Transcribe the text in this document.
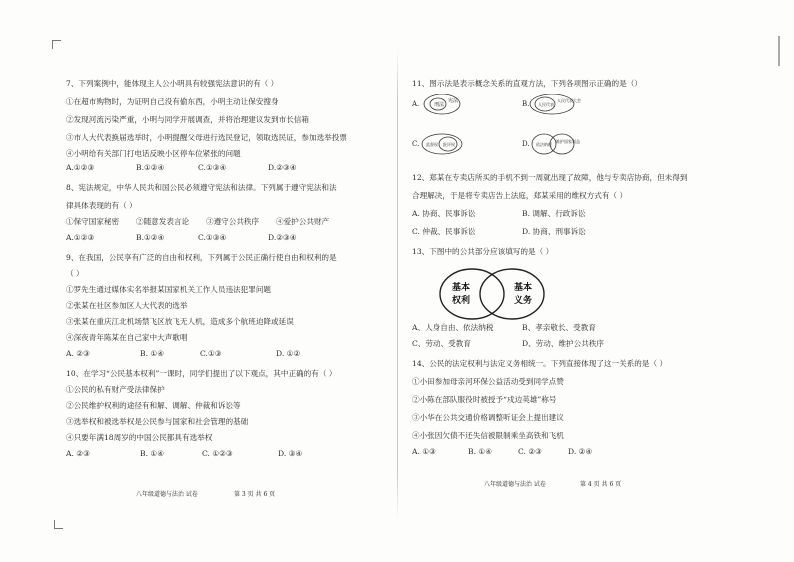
7、下列案例中，能体现主人公小明具有较强宪法意识的有（ ）
①在超市购物时，为证明自己没有偷东西，小明主动让保安搜身
②发现河流污染严重，小明与同学开展调查，并将治理建议发到市长信箱
③市人大代表换届选举时，小明提醒父母进行选民登记，领取选民证，参加选举投票
④小明给有关部门打电话反映小区停车位紧张的问题
A.①②③	B.①②④	C.①③④	D.②③④
8、宪法规定，中华人民共和国公民必须遵守宪法和法律。下列属于遵守宪法和法
律具体表现的有（ ）
①保守国家秘密	②随意发表言论	③遵守公共秩序	④爱护公共财产
A.①②③	B.①②④	C.①③④	D.②③④
9、在我国，公民享有广泛的自由和权利，下列属于公民正确行使自由和权利的是
（ ）
①罗先生通过媒体实名举报某国家机关工作人员违法犯罪问题
②张某在社区参加区人大代表的选举
③张某在重庆江北机场禁飞区放飞无人机，造成多个航班迫降或延误
④深夜青年陈某在自己家中大声歌唱
A. ②③	B. ①④	C.①③	D. ①②
10、在学习“公民基本权利”一课时，同学们提出了以下观点，其中正确的有（ ）
①公民的私有财产受法律保护
②公民维护权利的途径有和解、调解、仲裁和诉讼等
③选举权和被选举权是公民参与国家和社会管理的基础
④只要年满18周岁的中国公民都具有选举权
A. ②③	B. ①④	C. ①②③	D. ③④
八年级道德与法治 试卷	第 3 页 共 6 页
11、图示法是表示概念关系的直观方法，下列各项图示正确的是（）
A.	刑法
宪法	B. 人民代表
人民代表大会
C. 监督权 批评权	D. 依法纳税
维护国家利益
12、郑某在专卖店所买的手机不到一周就出现了故障，他与专卖店协商，但未得到
合理解决，于是将专卖店告上法庭，郑某采用的维权方式有（ ）
A. 协商、民事诉讼	B. 调解、行政诉讼
C. 仲裁、民事诉讼	D. 协商、刑事诉讼
13、下图中的公共部分应该填写的是（ ）
基本
权利
基本
义务
A、人身自由、依法纳税	B、孝亲敬长、受教育
C、劳动、受教育	D、劳动、维护公共秩序
14、公民的法定权利与法定义务相统一。下列直接体现了这一关系的是（ ）
①小田参加母亲河环保公益活动受到同学点赞
②小陈在部队服役时被授予“戍边英雄”称号
③小华在公共交通价格调整听证会上提出建议
④小张因欠债不还失信被限制乘坐高铁和飞机
A. ①③	B. ①④	C. ②③	D. ②④
八年级道德与法治 试卷	第 4 页 共 6 页
